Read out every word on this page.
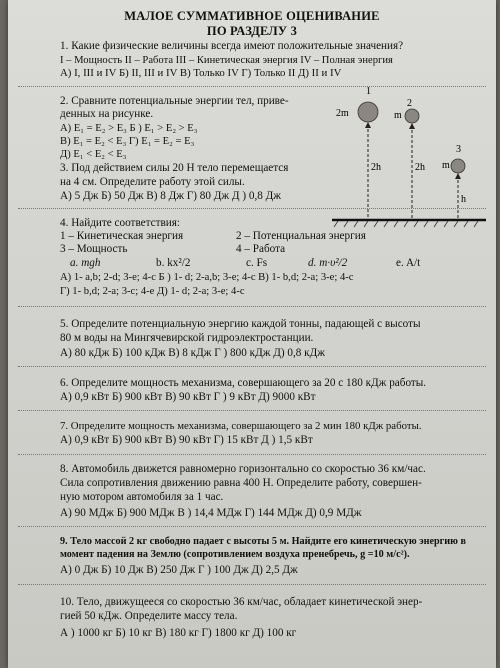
МАЛОЕ СУММАТИВНОЕ ОЦЕНИВАНИЕ
ПО РАЗДЕЛУ 3
1. Какие физические величины всегда имеют положительные значения?
I – Мощность II – Работа III – Кинетическая энергия IV – Полная энергия
А) I, III и IV Б) II, III и IV В) Только IV Г) Только II Д) II и IV
2. Сравните потенциальные энергии тел, приве-
денных на рисунке.
А) E₁ = E₂ > E₃ Б ) E₁ > E₂ > E₃
В) E₁ = E₂ < E₃ Г) E₁ = E₂ = E₃
Д) E₁ < E₂ < E₃
3. Под действием силы 20 Н тело перемещается
на 4 см. Определите работу этой силы.
А) 5 Дж Б) 50 Дж В) 8 Дж Г) 80 Дж Д ) 0,8 Дж
1
2m
2h
2
m
2h
3
m
h
4. Найдите соответствия:
1 – Кинетическая энергия	2 – Потенциальная энергия
3 – Мощность	4 – Работа
a. mgh	b. kx²/2	c. Fs	d. m·υ²/2	e. A/t
А) 1- a,b; 2-d; 3-e; 4-c Б ) 1- d; 2-a,b; 3-e; 4-c В) 1- b,d; 2-a; 3-e; 4-c
Г) 1- b,d; 2-a; 3-c; 4-e Д) 1- d; 2-a; 3-e; 4-c
5. Определите потенциальную энергию каждой тонны, падающей с высоты
80 м воды на Мингячевирской гидроэлектростанции.
А) 80 кДж Б) 100 кДж В) 8 кДж Г ) 800 кДж Д) 0,8 кДж
6. Определите мощность механизма, совершающего за 20 с 180 кДж работы.
А) 0,9 кВт Б) 900 кВт В) 90 кВт Г ) 9 кВт Д) 9000 кВт
7. Определите мощность механизма, совершающего за 2 мин 180 кДж работы.
А) 0,9 кВт Б) 900 кВт В) 90 кВт Г) 15 кВт Д ) 1,5 кВт
8. Автомобиль движется равномерно горизонтально со скоростью 36 км/час.
Сила сопротивления движению равна 400 Н. Определите работу, совершен-
ную мотором автомобиля за 1 час.
А) 90 МДж Б) 900 МДж В ) 14,4 МДж Г) 144 МДж Д) 0,9 МДж
9. Тело массой 2 кг свободно падает с высоты 5 м. Найдите его кинетическую энергию в
момент падения на Землю (сопротивлением воздуха пренебречь, g =10 м/с²).
А) 0 Дж Б) 10 Дж В) 250 Дж Г ) 100 Дж Д) 2,5 Дж
10. Тело, движущееся со скоростью 36 км/час, обладает кинетической энер-
гией 50 кДж. Определите массу тела.
А ) 1000 кг Б) 10 кг В) 180 кг Г) 1800 кг Д) 100 кг
